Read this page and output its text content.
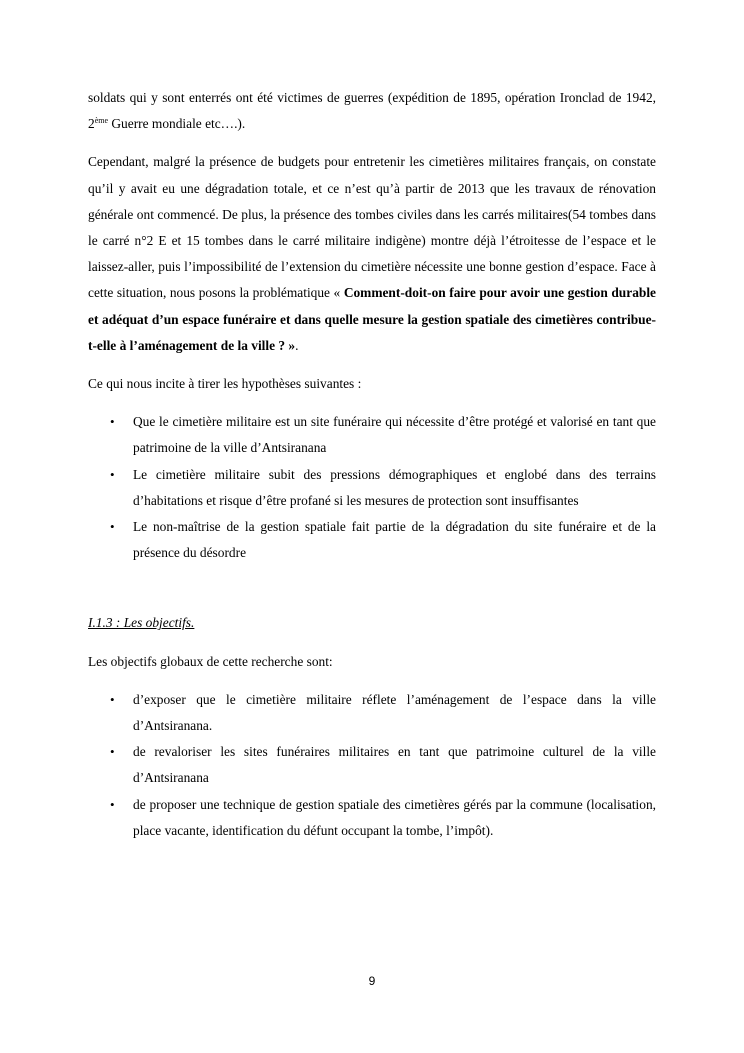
soldats qui y sont enterrés ont été victimes de guerres (expédition de 1895, opération Ironclad de 1942, 2ème Guerre mondiale etc….).

Cependant, malgré la présence de budgets pour entretenir les cimetières militaires français, on constate qu’il y avait eu une dégradation totale, et ce n’est qu’à partir de 2013 que les travaux de rénovation générale ont commencé. De plus, la présence des tombes civiles dans les carrés militaires(54 tombes dans le carré n°2 E et 15 tombes dans le carré militaire indigène) montre déjà l’étroitesse de l’espace et le laissez-aller, puis l’impossibilité de l’extension du cimetière nécessite une bonne gestion d’espace. Face à cette situation, nous posons la problématique « Comment-doit-on faire pour avoir une gestion durable et adéquat d’un espace funéraire et dans quelle mesure la gestion spatiale des cimetières contribue-t-elle à l’aménagement de la ville ? ».

Ce qui nous incite à tirer les hypothèses suivantes :

• Que le cimetière militaire est un site funéraire qui nécessite d’être protégé et valorisé en tant que patrimoine de la ville d’Antsiranana
• Le cimetière militaire subit des pressions démographiques et englobé dans des terrains d’habitations et risque d’être profané si les mesures de protection sont insuffisantes
• Le non-maîtrise de la gestion spatiale fait partie de la dégradation du site funéraire et de la présence du désordre

I.1.3 : Les objectifs.

Les objectifs globaux de cette recherche sont:

• d’exposer que le cimetière militaire réflete l’aménagement de l’espace dans la ville d’Antsiranana.
• de revaloriser les sites funéraires militaires en tant que patrimoine culturel de la ville d’Antsiranana
• de proposer une technique de gestion spatiale des cimetières gérés par la commune (localisation, place vacante, identification du défunt occupant la tombe, l’impôt).
9
